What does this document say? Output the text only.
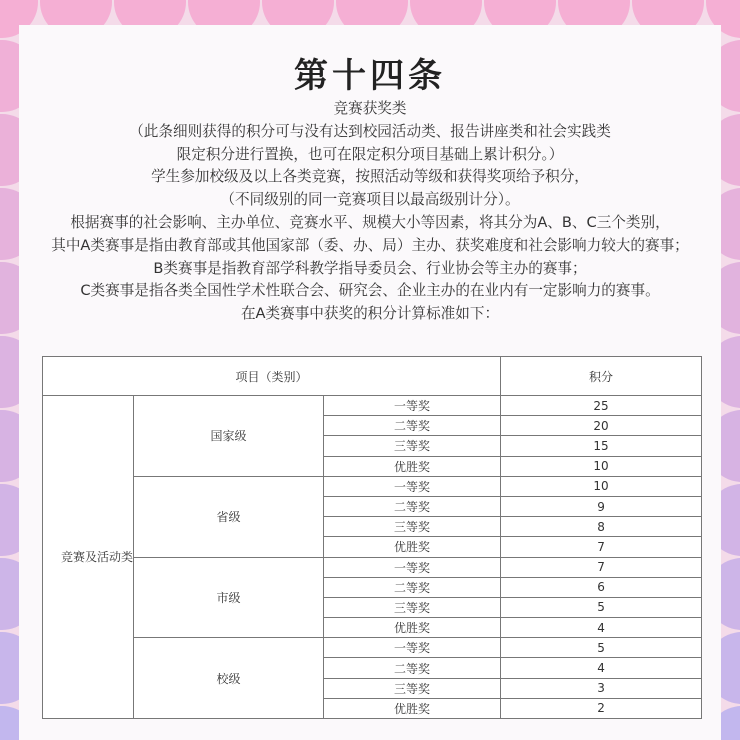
第十四条
竞赛获奖类
（此条细则获得的积分可与没有达到校园活动类、报告讲座类和社会实践类
限定积分进行置换，也可在限定积分项目基础上累计积分。）
学生参加校级及以上各类竞赛，按照活动等级和获得奖项给予积分，
（不同级别的同一竞赛项目以最高级别计分）。
根据赛事的社会影响、主办单位、竞赛水平、规模大小等因素，将其分为A、B、C三个类别，
其中A类赛事是指由教育部或其他国家部（委、办、局）主办、获奖难度和社会影响力较大的赛事；
B类赛事是指教育部学科教学指导委员会、行业协会等主办的赛事；
C类赛事是指各类全国性学术性联合会、研究会、企业主办的在业内有一定影响力的赛事。
在A类赛事中获奖的积分计算标准如下：
项目（类别）			积分
竞赛及活动类	国家级	一等奖	25
		二等奖	20
		三等奖	15
		优胜奖	10
	省级	一等奖	10
		二等奖	9
		三等奖	8
		优胜奖	7
	市级	一等奖	7
		二等奖	6
		三等奖	5
		优胜奖	4
	校级	一等奖	5
		二等奖	4
		三等奖	3
		优胜奖	2
